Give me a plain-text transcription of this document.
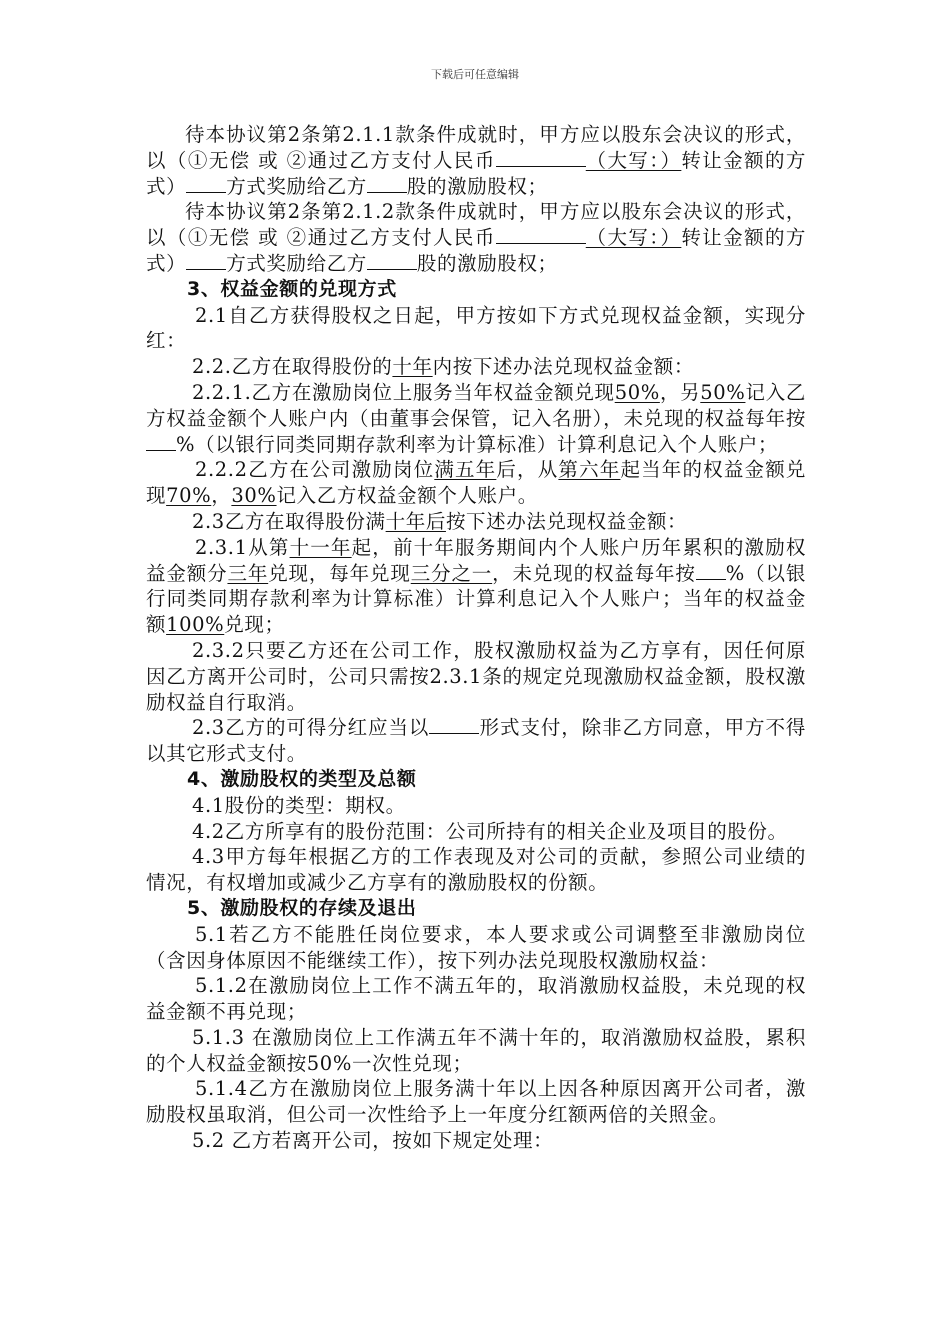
下载后可任意编辑

待本协议第2条第2.1.1款条件成就时，甲方应以股东会决议的形式，以（①无偿 或 ②通过乙方支付人民币	（大写：）转让金额的方式） 方式奖励给乙方 股的激励股权；

待本协议第2条第2.1.2款条件成就时，甲方应以股东会决议的形式，以（①无偿 或 ②通过乙方支付人民币	（大写：）转让金额的方式） 方式奖励给乙方	股的激励股权；

3、权益金额的兑现方式

2.1自乙方获得股权之日起，甲方按如下方式兑现权益金额，实现分红：

2.2.乙方在取得股份的十年内按下述办法兑现权益金额：

2.2.1.乙方在激励岗位上服务当年权益金额兑现50%，另50%记入乙方权益金额个人账户内（由董事会保管，记入名册），未兑现的权益每年按%（以银行同类同期存款利率为计算标准）计算利息记入个人账户；

2.2.2乙方在公司激励岗位满五年后，从第六年起当年的权益金额兑现70%，30%记入乙方权益金额个人账户。

2.3乙方在取得股份满十年后按下述办法兑现权益金额：

2.3.1从第十一年起，前十年服务期间内个人账户历年累积的激励权益金额分三年兑现，每年兑现三分之一，未兑现的权益每年按 %（以银行同类同期存款利率为计算标准）计算利息记入个人账户；当年的权益金额100%兑现；

2.3.2只要乙方还在公司工作，股权激励权益为乙方享有，因任何原因乙方离开公司时，公司只需按2.3.1条的规定兑现激励权益金额，股权激励权益自行取消。

2.3乙方的可得分红应当以	形式支付，除非乙方同意，甲方不得以其它形式支付。

4、激励股权的类型及总额

4.1股份的类型：期权。

4.2乙方所享有的股份范围：公司所持有的相关企业及项目的股份。

4.3甲方每年根据乙方的工作表现及对公司的贡献，参照公司业绩的情况，有权增加或减少乙方享有的激励股权的份额。

5、激励股权的存续及退出

5.1若乙方不能胜任岗位要求，本人要求或公司调整至非激励岗位（含因身体原因不能继续工作），按下列办法兑现股权激励权益：

5.1.2在激励岗位上工作不满五年的，取消激励权益股，未兑现的权益金额不再兑现；

5.1.3 在激励岗位上工作满五年不满十年的，取消激励权益股，累积的个人权益金额按50%一次性兑现；

5.1.4乙方在激励岗位上服务满十年以上因各种原因离开公司者，激励股权虽取消，但公司一次性给予上一年度分红额两倍的关照金。

5.2 乙方若离开公司，按如下规定处理：
